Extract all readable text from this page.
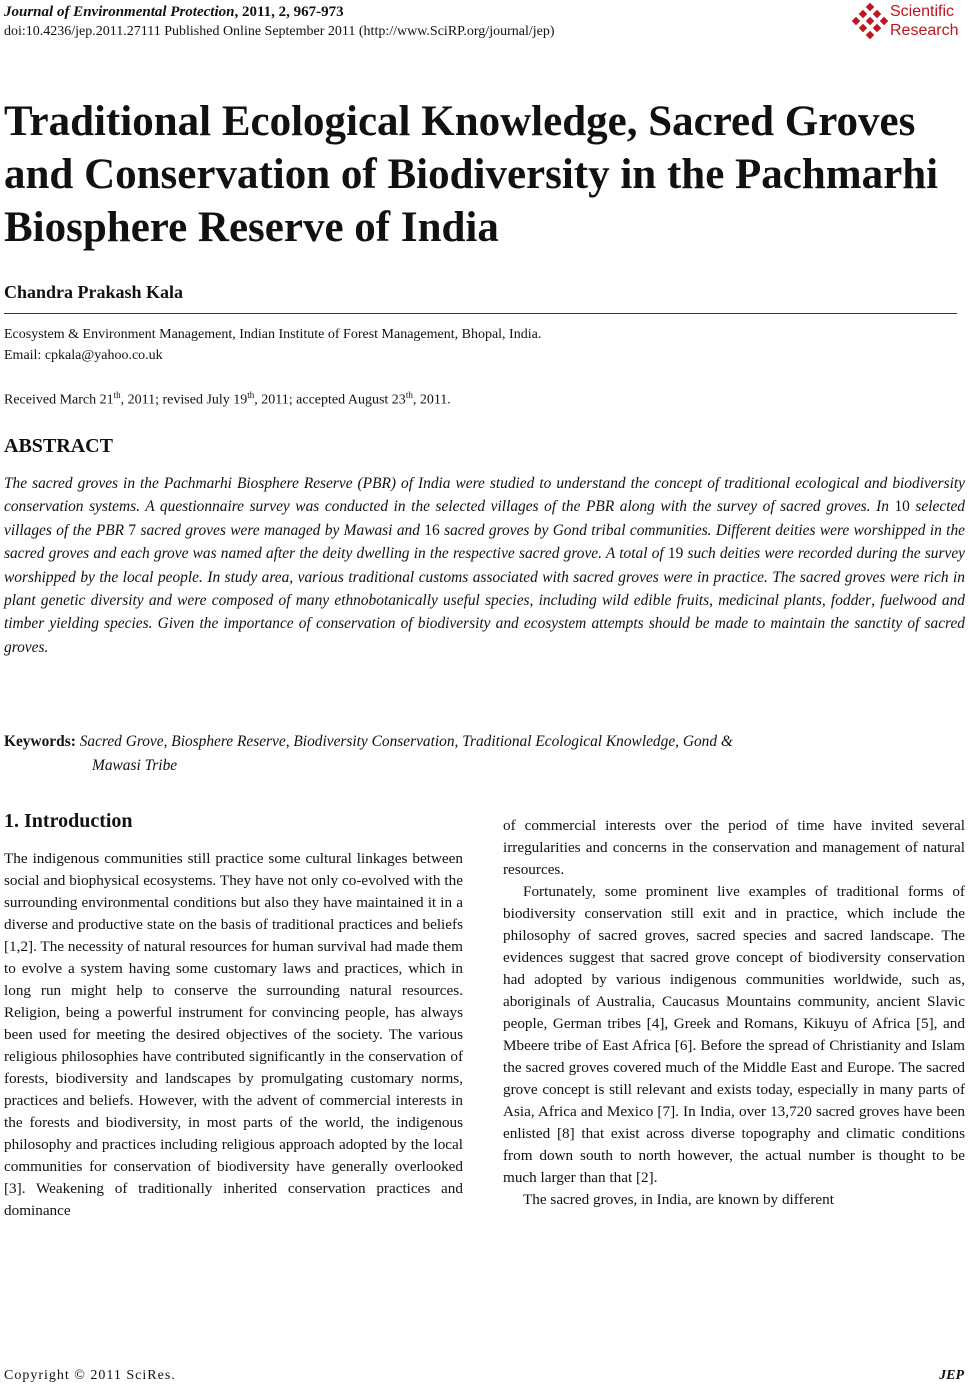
Journal of Environmental Protection, 2011, 2, 967-973
doi:10.4236/jep.2011.27111 Published Online September 2011 (http://www.SciRP.org/journal/jep)
Scientific
Research
Traditional Ecological Knowledge, Sacred Groves and Conservation of Biodiversity in the Pachmarhi Biosphere Reserve of India
Chandra Prakash Kala
Ecosystem & Environment Management, Indian Institute of Forest Management, Bhopal, India.
Email: cpkala@yahoo.co.uk
Received March 21th, 2011; revised July 19th, 2011; accepted August 23th, 2011.
ABSTRACT

The sacred groves in the Pachmarhi Biosphere Reserve (PBR) of India were studied to understand the concept of traditional ecological and biodiversity conservation systems. A questionnaire survey was conducted in the selected villages of the PBR along with the survey of sacred groves. In 10 selected villages of the PBR 7 sacred groves were managed by Mawasi and 16 sacred groves by Gond tribal communities. Different deities were worshipped in the sacred groves and each grove was named after the deity dwelling in the respective sacred grove. A total of 19 such deities were recorded during the survey worshipped by the local people. In study area, various traditional customs associated with sacred groves were in practice. The sacred groves were rich in plant genetic diversity and were composed of many ethnobotanically useful species, including wild edible fruits, medicinal plants, fodder, fuelwood and timber yielding species. Given the importance of conservation of biodiversity and ecosystem attempts should be made to maintain the sanctity of sacred groves.

Keywords: Sacred Grove, Biosphere Reserve, Biodiversity Conservation, Traditional Ecological Knowledge, Gond &
Mawasi Tribe
1. Introduction

The indigenous communities still practice some cultural linkages between social and biophysical ecosystems. They have not only co-evolved with the surrounding environmental conditions but also they have maintained it in a diverse and productive state on the basis of traditional practices and beliefs [1,2]. The necessity of natural resources for human survival had made them to evolve a system having some customary laws and practices, which in long run might help to conserve the surrounding natural resources. Religion, being a powerful instrument for convincing people, has always been used for meeting the desired objectives of the society. The various religious philosophies have contributed significantly in the conservation of forests, biodiversity and landscapes by promulgating customary norms, practices and beliefs. However, with the advent of commercial interests in the forests and biodiversity, in most parts of the world, the indigenous philosophy and practices including religious approach adopted by the local communities for conservation of biodiversity have generally overlooked [3]. Weakening of traditionally inherited conservation practices and dominance

of commercial interests over the period of time have invited several irregularities and concerns in the conservation and management of natural resources.

Fortunately, some prominent live examples of traditional forms of biodiversity conservation still exit and in practice, which include the philosophy of sacred groves, sacred species and sacred landscape. The evidences suggest that sacred grove concept of biodiversity conservation had adopted by various indigenous communities worldwide, such as, aboriginals of Australia, Caucasus Mountains community, ancient Slavic people, German tribes [4], Greek and Romans, Kikuyu of Africa [5], and Mbeere tribe of East Africa [6]. Before the spread of Christianity and Islam the sacred groves covered much of the Middle East and Europe. The sacred grove concept is still relevant and exists today, especially in many parts of Asia, Africa and Mexico [7]. In India, over 13,720 sacred groves have been enlisted [8] that exist across diverse topography and climatic conditions from down south to north however, the actual number is thought to be much larger than that [2].

The sacred groves, in India, are known by different

Copyright © 2011 SciRes.	JEP
